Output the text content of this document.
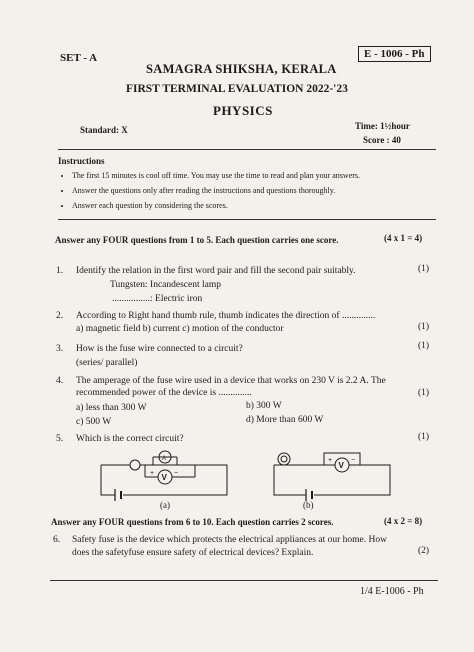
SET - A	E - 1006 - Ph
SAMAGRA SHIKSHA, KERALA
FIRST TERMINAL EVALUATION 2022-'23
PHYSICS
Standard: X	Time: 1½hour
Score : 40
Instructions
• The first 15 minutes is cool off time. You may use the time to read and plan your answers.
• Answer the questions only after reading the instructions and questions thoroughly.
• Answer each question by considering the scores.
Answer any FOUR questions from 1 to 5. Each question carries one score.	(4 x 1 = 4)
1. Identify the relation in the first word pair and fill the second pair suitably.	(1)
Tungsten: Incandescent lamp
................: Electric iron
2. According to Right hand thumb rule, thumb indicates the direction of ..............
a) magnetic field b) current c) motion of the conductor	(1)
3. How is the fuse wire connected to a circuit?	(1)
(series/ parallel)
4. The amperage of the fuse wire used in a device that works on 230 V is 2.2 A. The
recommended power of the device is ..............	(1)
a) less than 300 W	b) 300 W
c) 500 W	d) More than 600 W
5. Which is the correct circuit?	(1)
A
V
+	−
(a)
V
+	−
(b)
Answer any FOUR questions from 6 to 10. Each question carries 2 scores.	(4 x 2 = 8)
6. Safety fuse is the device which protects the electrical appliances at our home. How
does the safetyfuse ensure safety of electrical devices? Explain.	(2)
1/4 E-1006 - Ph
